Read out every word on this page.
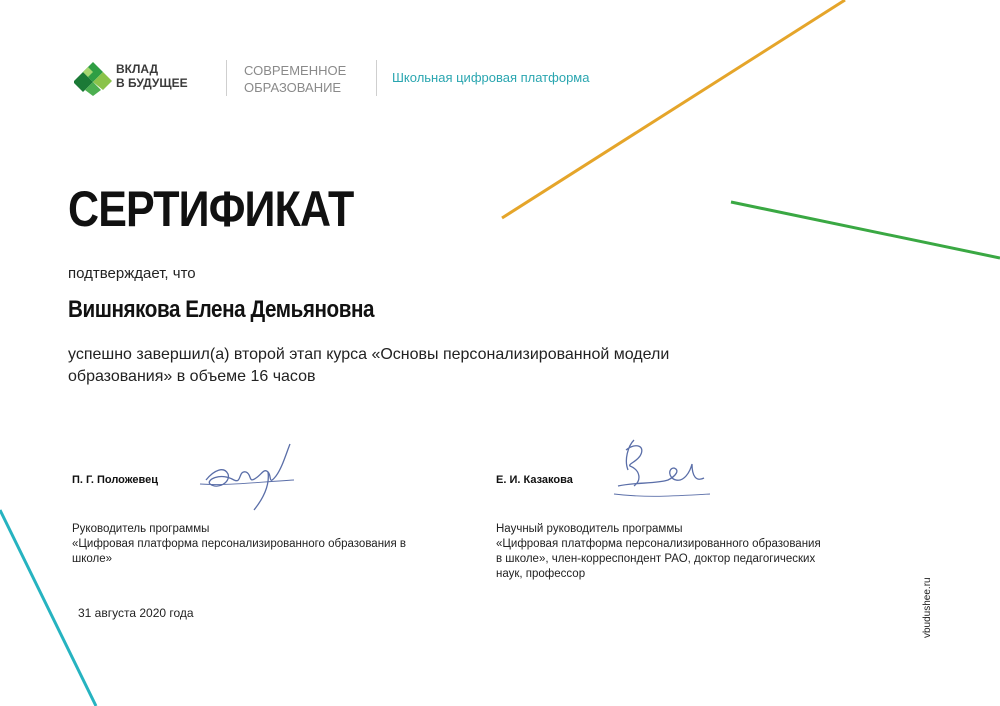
ВКЛАД
В БУДУЩЕЕ
СОВРЕМЕННОЕ
ОБРАЗОВАНИЕ
Школьная цифровая платформа
СЕРТИФИКАТ
подтверждает, что
Вишнякова Елена Демьяновна
успешно завершил(а) второй этап курса «Основы персонализированной модели
образования» в объеме 16 часов
П. Г. Положевец	Е. И. Казакова
Руководитель программы
«Цифровая платформа персонализированного образования в
школе»
Научный руководитель программы
«Цифровая платформа персонализированного образования
в школе», член-корреспондент РАО, доктор педагогических
наук, профессор
31 августа 2020 года	vbudushee.ru
